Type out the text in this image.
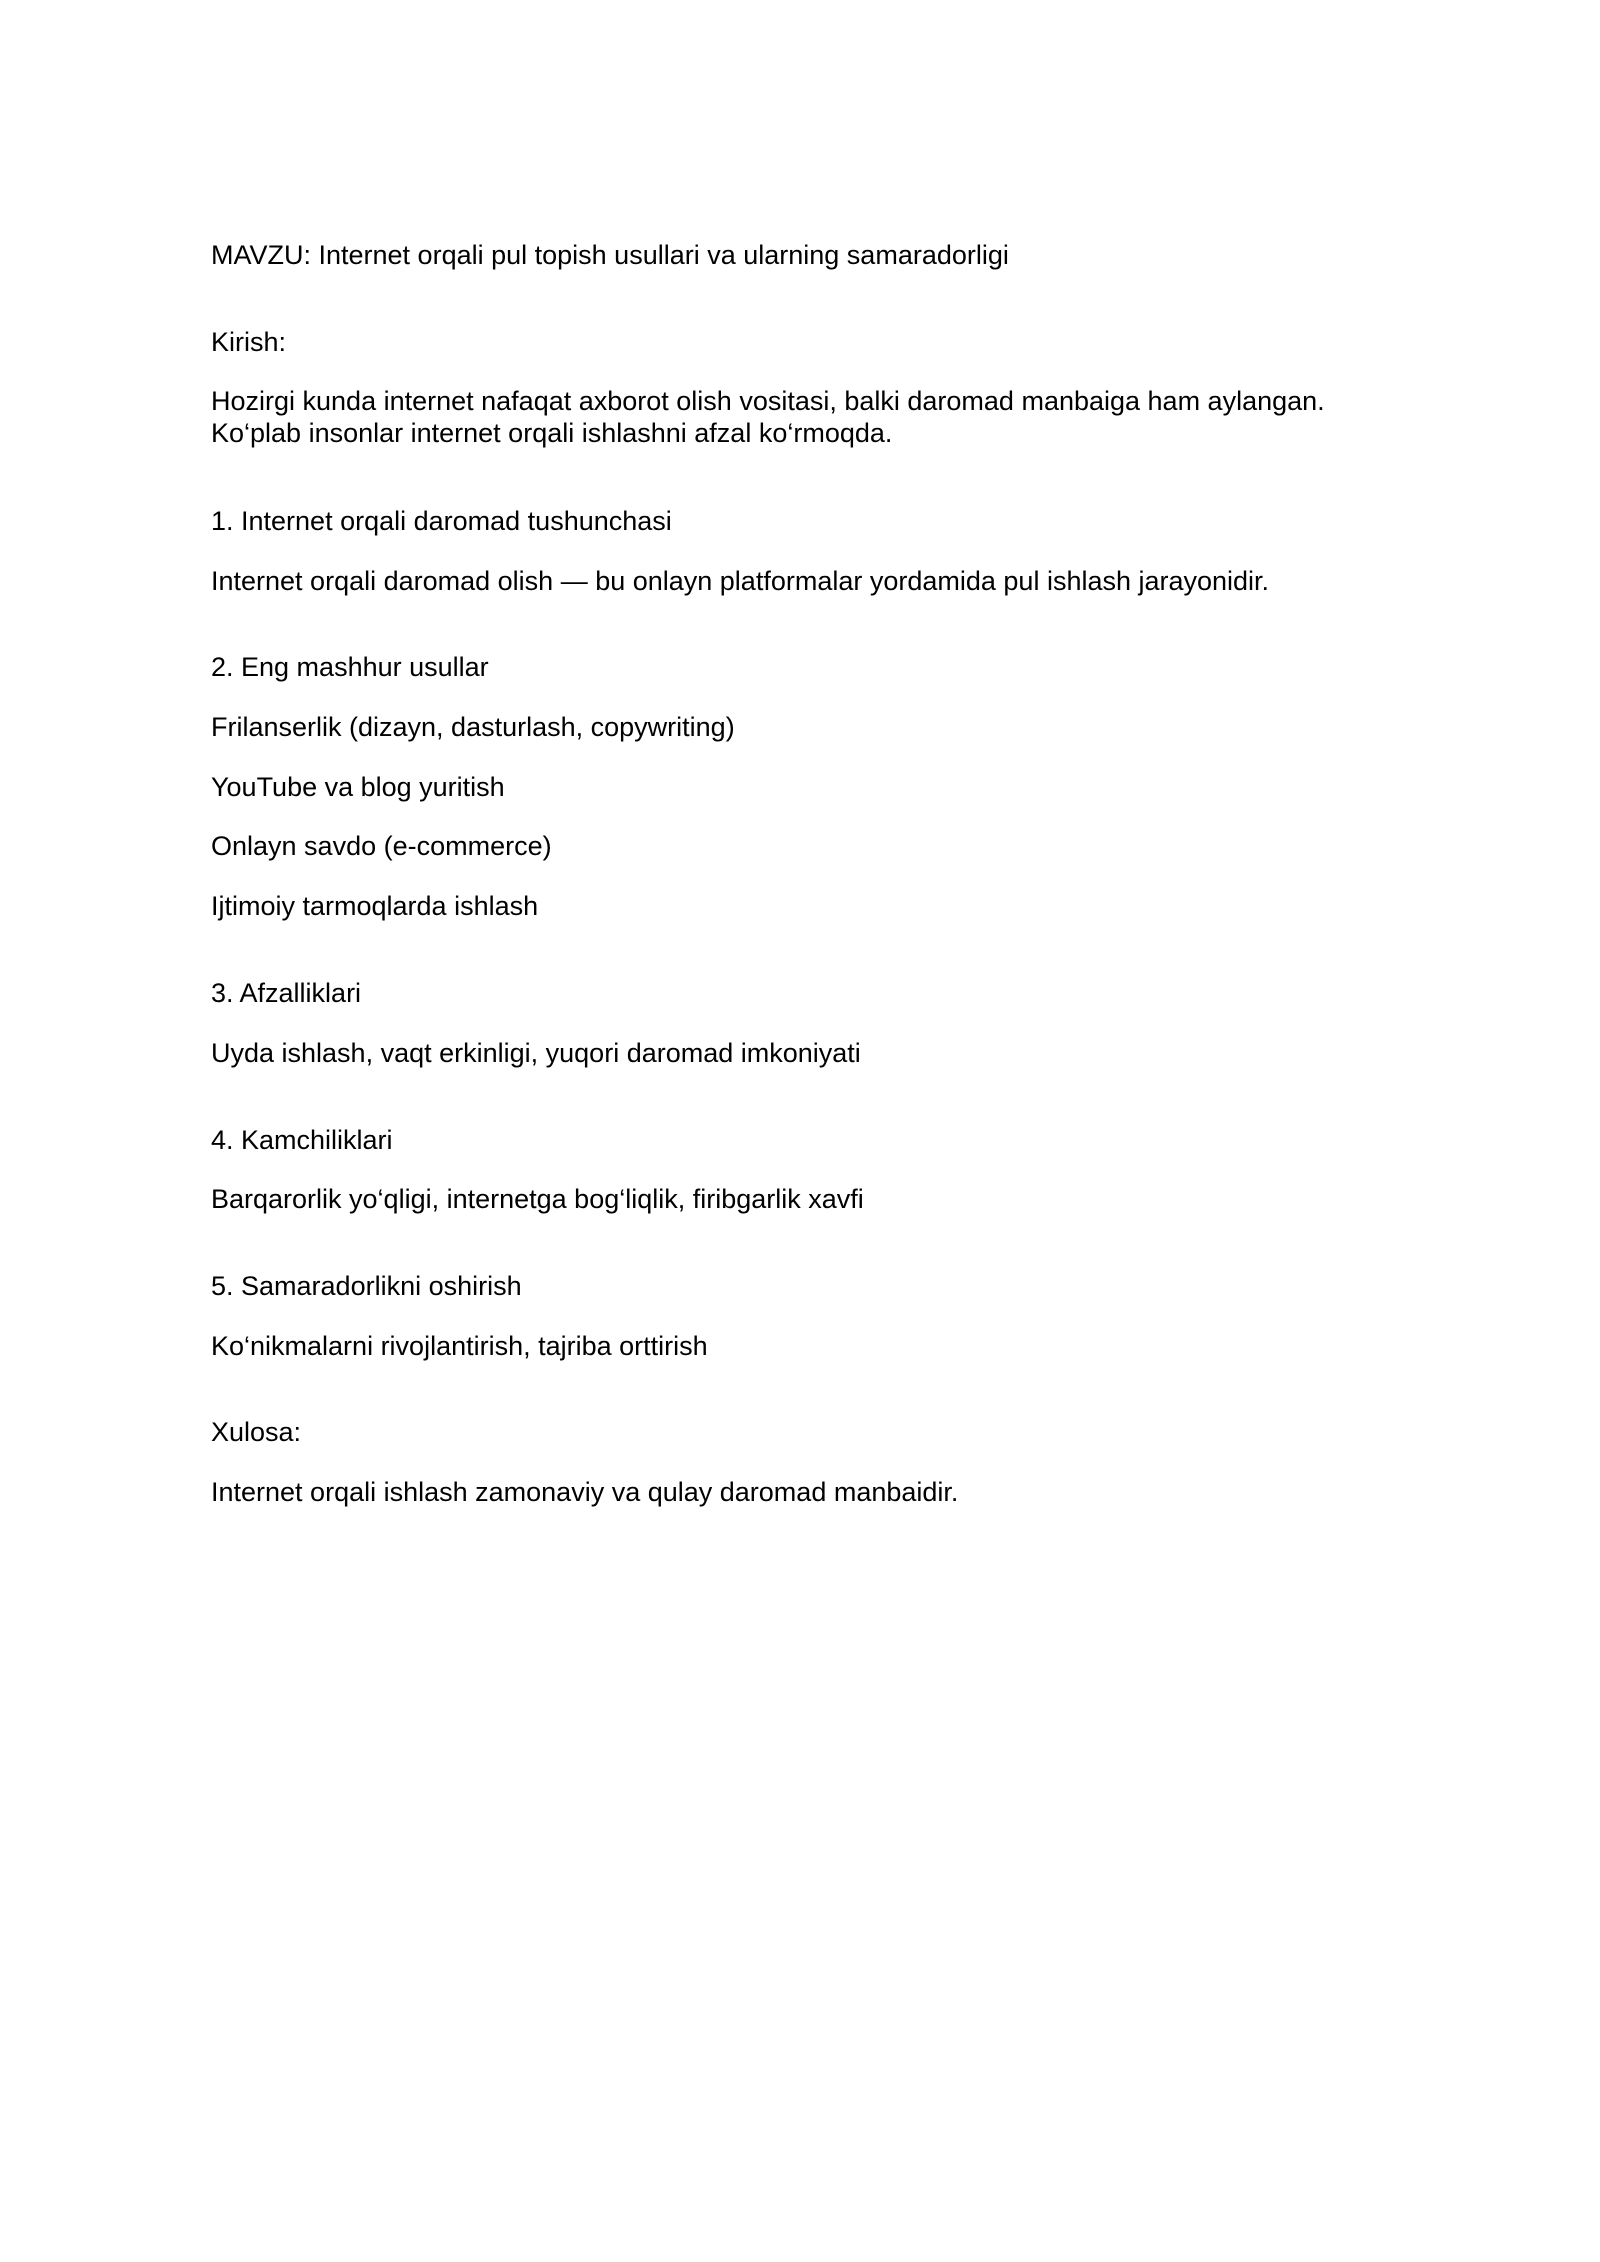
MAVZU: Internet orqali pul topish usullari va ularning samaradorligi

Kirish:

Hozirgi kunda internet nafaqat axborot olish vositasi, balki daromad manbaiga ham aylangan.

Ko‘plab insonlar internet orqali ishlashni afzal ko‘rmoqda.

1. Internet orqali daromad tushunchasi

Internet orqali daromad olish — bu onlayn platformalar yordamida pul ishlash jarayonidir.

2. Eng mashhur usullar

Frilanserlik (dizayn, dasturlash, copywriting)

YouTube va blog yuritish

Onlayn savdo (e-commerce)

Ijtimoiy tarmoqlarda ishlash

3. Afzalliklari

Uyda ishlash, vaqt erkinligi, yuqori daromad imkoniyati

4. Kamchiliklari

Barqarorlik yo‘qligi, internetga bog‘liqlik, firibgarlik xavfi

5. Samaradorlikni oshirish

Ko‘nikmalarni rivojlantirish, tajriba orttirish

Xulosa:

Internet orqali ishlash zamonaviy va qulay daromad manbaidir.
